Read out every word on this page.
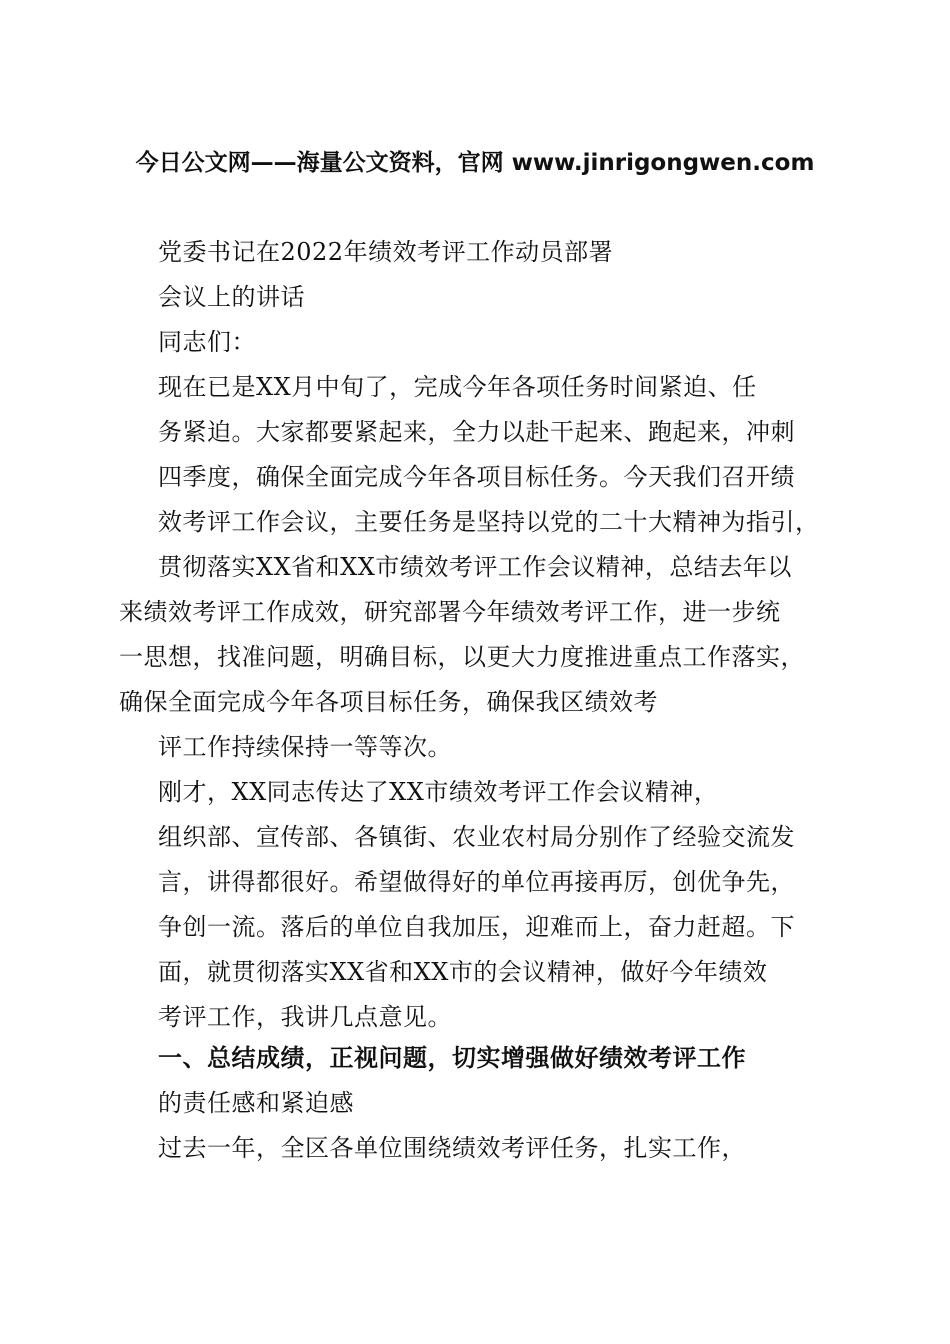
今日公文网——海量公文资料，官网 www.jinrigongwen.com
党委书记在2022年绩效考评工作动员部署
会议上的讲话
同志们：
现在已是XX月中旬了，完成今年各项任务时间紧迫、任
务紧迫。大家都要紧起来，全力以赴干起来、跑起来，冲刺
四季度，确保全面完成今年各项目标任务。今天我们召开绩
效考评工作会议，主要任务是坚持以党的二十大精神为指引，
贯彻落实XX省和XX市绩效考评工作会议精神，总结去年以
来绩效考评工作成效，研究部署今年绩效考评工作，进一步统
一思想，找准问题，明确目标，以更大力度推进重点工作落实，
确保全面完成今年各项目标任务，确保我区绩效考
评工作持续保持一等等次。
刚才，XX同志传达了XX市绩效考评工作会议精神，
组织部、宣传部、各镇街、农业农村局分别作了经验交流发
言，讲得都很好。希望做得好的单位再接再厉，创优争先，
争创一流。落后的单位自我加压，迎难而上，奋力赶超。下
面，就贯彻落实XX省和XX市的会议精神，做好今年绩效
考评工作，我讲几点意见。
一、总结成绩，正视问题，切实增强做好绩效考评工作
的责任感和紧迫感
过去一年，全区各单位围绕绩效考评任务，扎实工作，
